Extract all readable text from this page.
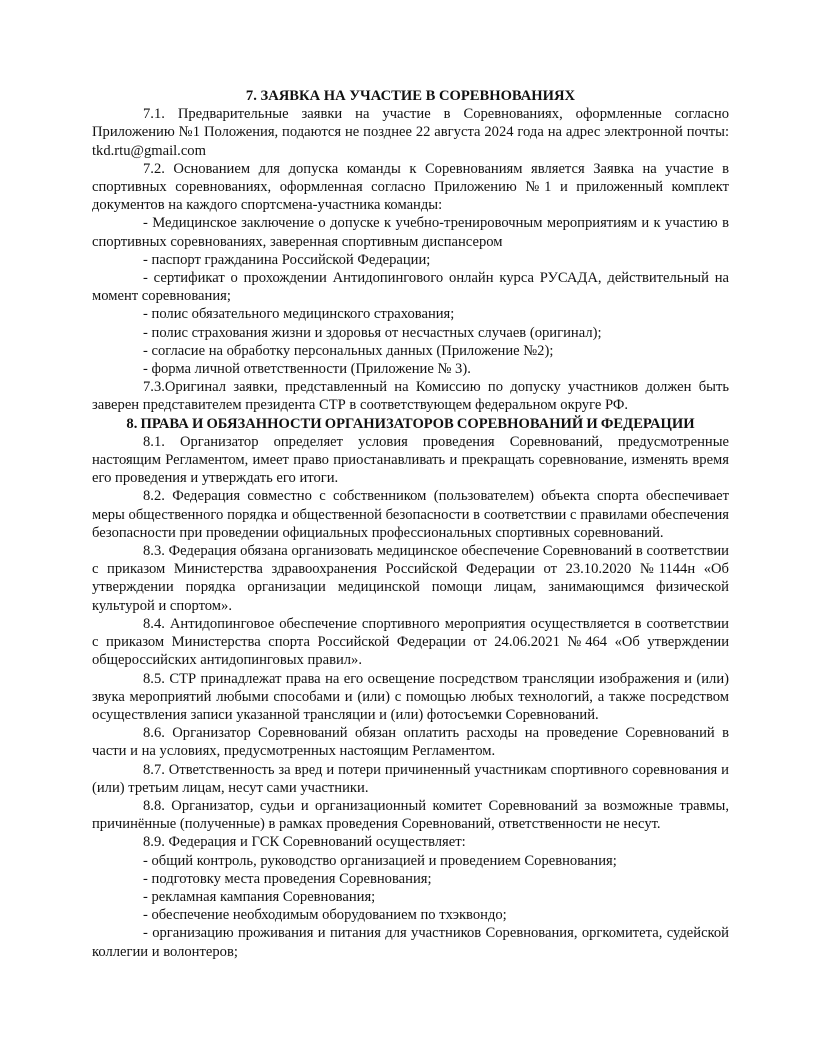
7. ЗАЯВКА НА УЧАСТИЕ В СОРЕВНОВАНИЯХ

7.1. Предварительные заявки на участие в Соревнованиях, оформленные согласно Приложению №1 Положения, подаются не позднее 22 августа 2024 года на адрес электронной почты: tkd.rtu@gmail.com

7.2. Основанием для допуска команды к Соревнованиям является Заявка на участие в спортивных соревнованиях, оформленная согласно Приложению №1 и приложенный комплект документов на каждого спортсмена-участника команды:

- Медицинское заключение о допуске к учебно-тренировочным мероприятиям и к участию в спортивных соревнованиях, заверенная спортивным диспансером

- паспорт гражданина Российской Федерации;

- сертификат о прохождении Антидопингового онлайн курса РУСАДА, действительный на момент соревнования;

- полис обязательного медицинского страхования;

- полис страхования жизни и здоровья от несчастных случаев (оригинал);

- согласие на обработку персональных данных (Приложение №2);

- форма личной ответственности (Приложение № 3).

7.3.Оригинал заявки, представленный на Комиссию по допуску участников должен быть заверен представителем президента СТР в соответствующем федеральном округе РФ.

8. ПРАВА И ОБЯЗАННОСТИ ОРГАНИЗАТОРОВ СОРЕВНОВАНИЙ И ФЕДЕРАЦИИ

8.1. Организатор определяет условия проведения Соревнований, предусмотренные настоящим Регламентом, имеет право приостанавливать и прекращать соревнование, изменять время его проведения и утверждать его итоги.

8.2. Федерация совместно с собственником (пользователем) объекта спорта обеспечивает меры общественного порядка и общественной безопасности в соответствии с правилами обеспечения безопасности при проведении официальных профессиональных спортивных соревнований.

8.3. Федерация обязана организовать медицинское обеспечение Соревнований в соответствии с приказом Министерства здравоохранения Российской Федерации от 23.10.2020 №1144н «Об утверждении порядка организации медицинской помощи лицам, занимающимся физической культурой и спортом».

8.4. Антидопинговое обеспечение спортивного мероприятия осуществляется в соответствии с приказом Министерства спорта Российской Федерации от 24.06.2021 №464 «Об утверждении общероссийских антидопинговых правил».

8.5. СТР принадлежат права на его освещение посредством трансляции изображения и (или) звука мероприятий любыми способами и (или) с помощью любых технологий, а также посредством осуществления записи указанной трансляции и (или) фотосъемки Соревнований.

8.6. Организатор Соревнований обязан оплатить расходы на проведение Соревнований в части и на условиях, предусмотренных настоящим Регламентом.

8.7. Ответственность за вред и потери причиненный участникам спортивного соревнования и (или) третьим лицам, несут сами участники.

8.8. Организатор, судьи и организационный комитет Соревнований за возможные травмы, причинённые (полученные) в рамках проведения Соревнований, ответственности не несут.

8.9. Федерация и ГСК Соревнований осуществляет:

- общий контроль, руководство организацией и проведением Соревнования;

- подготовку места проведения Соревнования;

- рекламная кампания Соревнования;

- обеспечение необходимым оборудованием по тхэквондо;

- организацию проживания и питания для участников Соревнования, оргкомитета, судейской коллегии и волонтеров;
